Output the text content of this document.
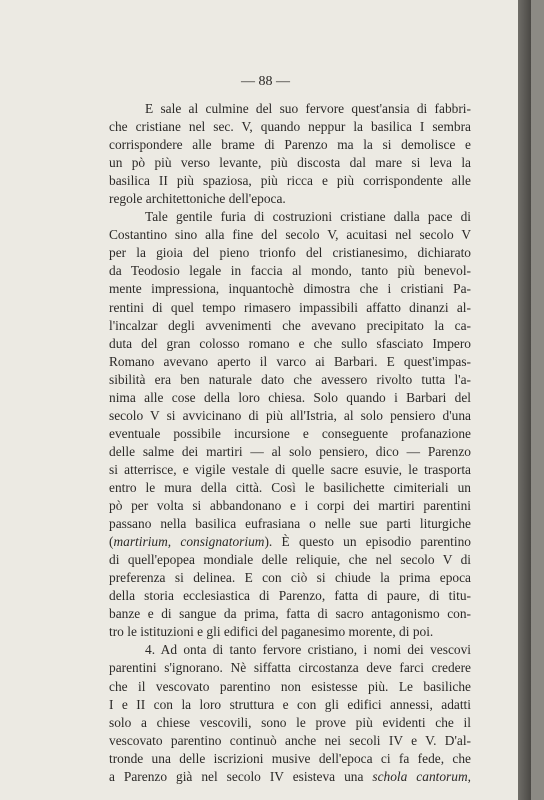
— 88 —
E sale al culmine del suo fervore quest'ansia di fabbri-
che cristiane nel sec. V, quando neppur la basilica I sembra
corrispondere alle brame di Parenzo ma la si demolisce e
un pò più verso levante, più discosta dal mare si leva la
basilica II più spaziosa, più ricca e più corrispondente alle
regole architettoniche dell'epoca.
Tale gentile furia di costruzioni cristiane dalla pace di
Costantino sino alla fine del secolo V, acuitasi nel secolo V
per la gioia del pieno trionfo del cristianesimo, dichiarato
da Teodosio legale in faccia al mondo, tanto più benevol-
mente impressiona, inquantochè dimostra che i cristiani Pa-
rentini di quel tempo rimasero impassibili affatto dinanzi al-
l'incalzar degli avvenimenti che avevano precipitato la ca-
duta del gran colosso romano e che sullo sfasciato Impero
Romano avevano aperto il varco ai Barbari. E quest'impas-
sibilità era ben naturale dato che avessero rivolto tutta l'a-
nima alle cose della loro chiesa. Solo quando i Barbari del
secolo V si avvicinano di più all'Istria, al solo pensiero d'una
eventuale possibile incursione e conseguente profanazione
delle salme dei martiri — al solo pensiero, dico — Parenzo
si atterrisce, e vigile vestale di quelle sacre esuvie, le trasporta
entro le mura della città. Così le basilichette cimiteriali un
pò per volta si abbandonano e i corpi dei martiri parentini
passano nella basilica eufrasiana o nelle sue parti liturgiche
(martirium, consignatorium). È questo un episodio parentino
di quell'epopea mondiale delle reliquie, che nel secolo V di
preferenza si delinea. E con ciò si chiude la prima epoca
della storia ecclesiastica di Parenzo, fatta di paure, di titu-
banze e di sangue da prima, fatta di sacro antagonismo con-
tro le istituzioni e gli edifici del paganesimo morente, di poi.
4. Ad onta di tanto fervore cristiano, i nomi dei vescovi
parentini s'ignorano. Nè siffatta circostanza deve farci credere
che il vescovato parentino non esistesse più. Le basiliche
I e II con la loro struttura e con gli edifici annessi, adatti
solo a chiese vescovili, sono le prove più evidenti che il
vescovato parentino continuò anche nei secoli IV e V. D'al-
tronde una delle iscrizioni musive dell'epoca ci fa fede, che
a Parenzo già nel secolo IV esisteva una schola cantorum,
